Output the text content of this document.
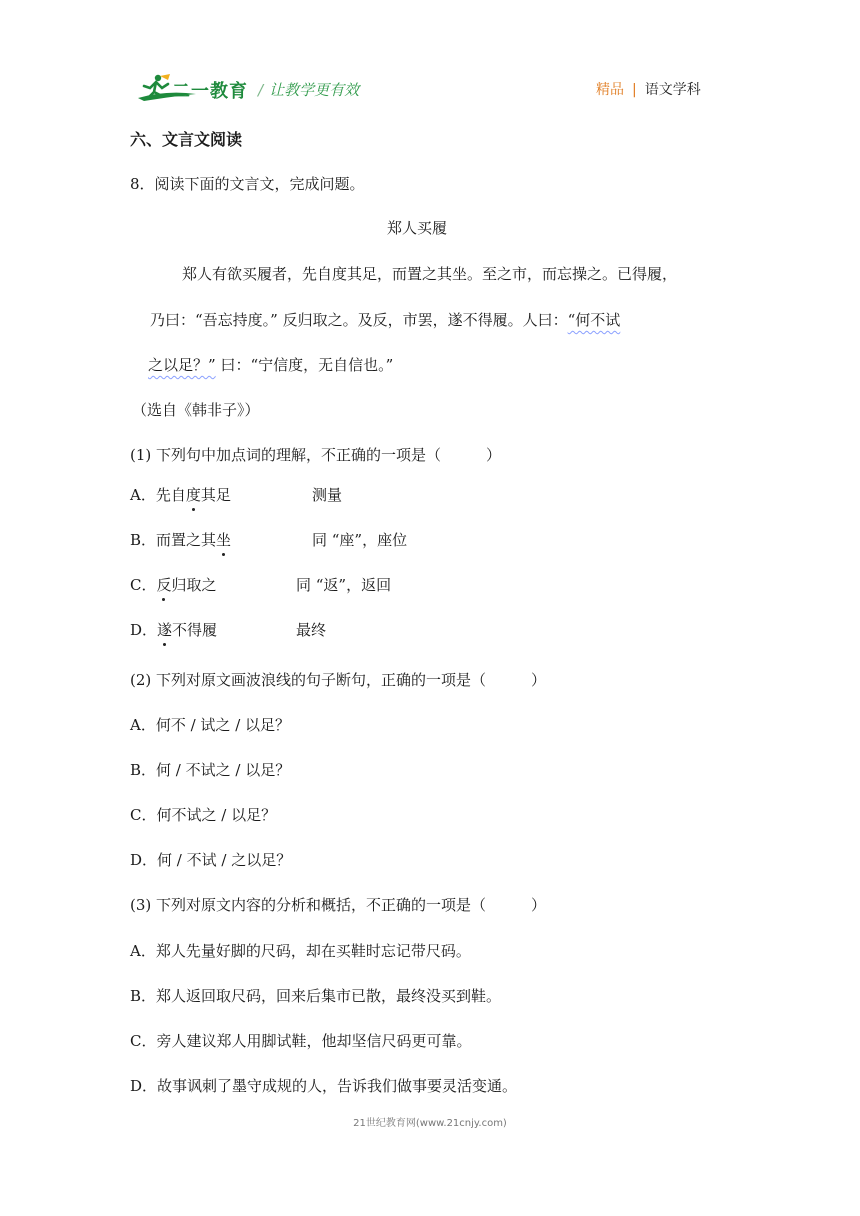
二一教育 / 让教学更有效	精品 | 语文学科
六、文言文阅读
8．阅读下面的文言文，完成问题。
郑人买履
郑人有欲买履者，先自度其足，而置之其坐。至之市，而忘操之。已得履，
乃曰：“吾忘持度。” 反归取之。及反，市罢，遂不得履。人曰：“何不试
之以足？” 曰：“宁信度，无自信也。”
（选自《韩非子》）
(1) 下列句中加点词的理解，不正确的一项是（　　　）
A．先自度其足	测量
B．而置之其坐	同 “座”，座位
C．反归取之	同 “返”，返回
D．遂不得履	最终
(2) 下列对原文画波浪线的句子断句，正确的一项是（　　　）
A．何不 / 试之 / 以足？
B．何 / 不试之 / 以足？
C．何不试之 / 以足？
D．何 / 不试 / 之以足？
(3) 下列对原文内容的分析和概括，不正确的一项是（　　　）
A．郑人先量好脚的尺码，却在买鞋时忘记带尺码。
B．郑人返回取尺码，回来后集市已散，最终没买到鞋。
C．旁人建议郑人用脚试鞋，他却坚信尺码更可靠。
D．故事讽刺了墨守成规的人，告诉我们做事要灵活变通。
21世纪教育网(www.21cnjy.com)
